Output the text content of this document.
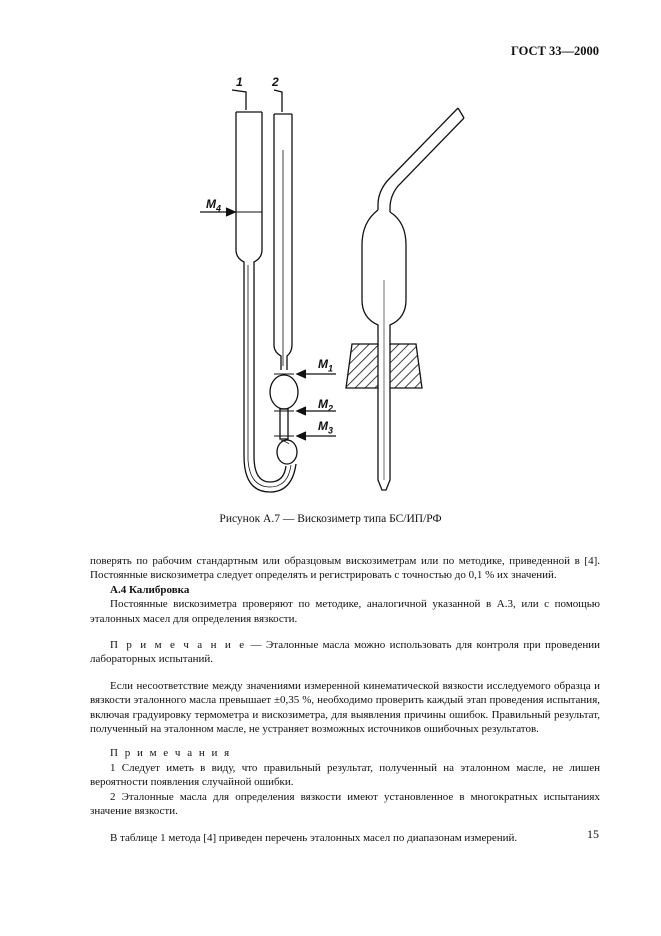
ГОСТ 33—2000
1 2
$M_4$
$M_1$
$M_2$
$M_3$
Рисунок А.7 — Вискозиметр типа БС/ИП/РФ

поверять по рабочим стандартным или образцовым вискозиметрам или по методике, приведенной в [4]. Постоянные вискозиметра следует определять и регистрировать с точностью до 0,1 % их значений.

А.4 Калибровка

Постоянные вискозиметра проверяют по методике, аналогичной указанной в А.3, или с помощью эталонных масел для определения вязкости.

П р и м е ч а н и е — Эталонные масла можно использовать для контроля при проведении лабораторных испытаний.

Если несоответствие между значениями измеренной кинематической вязкости исследуемого образца и вязкости эталонного масла превышает ±0,35 %, необходимо проверить каждый этап проведения испытания, включая градуировку термометра и вискозиметра, для выявления причины ошибок. Правильный результат, полученный на эталонном масле, не устраняет возможных источников ошибочных результатов.

П р и м е ч а н и я

1 Следует иметь в виду, что правильный результат, полученный на эталонном масле, не лишен вероятности появления случайной ошибки.

2 Эталонные масла для определения вязкости имеют установленное в многократных испытаниях значение вязкости.

В таблице 1 метода [4] приведен перечень эталонных масел по диапазонам измерений.	15
